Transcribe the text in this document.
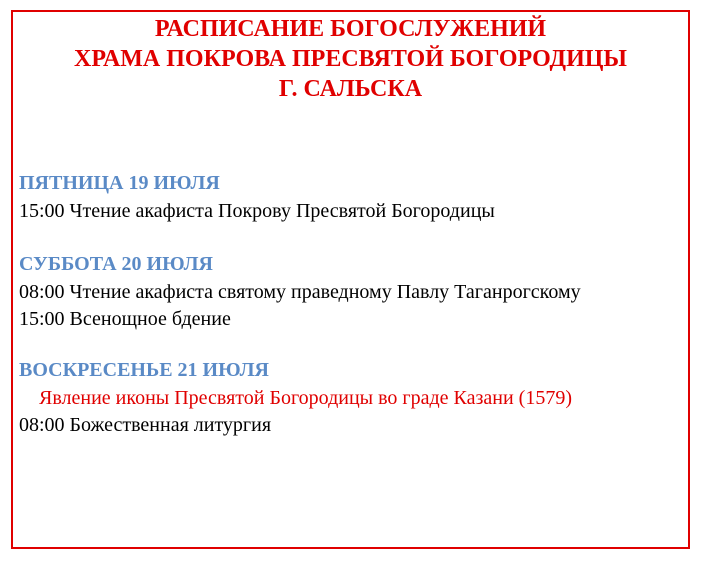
РАСПИСАНИЕ БОГОСЛУЖЕНИЙ
ХРАМА ПОКРОВА ПРЕСВЯТОЙ БОГОРОДИЦЫ
Г. САЛЬСКА
ПЯТНИЦА 19 ИЮЛЯ
15:00 Чтение акафиста Покрову Пресвятой Богородицы
СУББОТА 20 ИЮЛЯ
08:00 Чтение акафиста святому праведному Павлу Таганрогскому
15:00 Всенощное бдение
ВОСКРЕСЕНЬЕ 21 ИЮЛЯ
Явление иконы Пресвятой Богородицы во граде Казани (1579)
08:00 Божественная литургия
